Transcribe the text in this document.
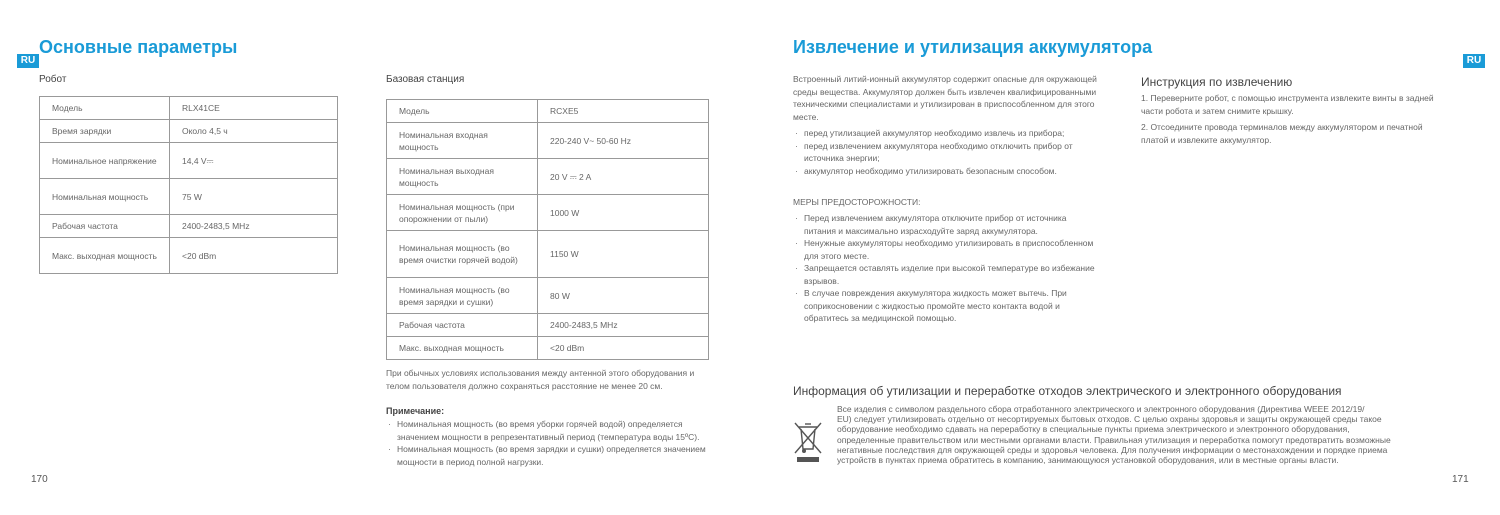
RU
Основные параметры
Робот
Модель	RLX41CE
Время зарядки	Около 4,5 ч
Номинальное напряжение	14,4 V⎓
Номинальная мощность	75 W
Рабочая частота	2400-2483,5 MHz
Макс. выходная мощность	<20 dBm
Базовая станция
Модель	RCXE5
Номинальная входная мощность	220-240 V~ 50-60 Hz
Номинальная выходная мощность	20 V ⎓ 2 A
Номинальная мощность (при опорожнении от пыли)	1000 W
Номинальная мощность (во время очистки горячей водой)	1150 W
Номинальная мощность (во время зарядки и сушки)	80 W
Рабочая частота	2400-2483,5 MHz
Макс. выходная мощность	<20 dBm
При обычных условиях использования между антенной этого оборудования и телом пользователя должно сохраняться расстояние не менее 20 см.
Примечание:
· Номинальная мощность (во время уборки горячей водой) определяется значением мощности в репрезентативный период (температура воды 15ºC).
· Номинальная мощность (во время зарядки и сушки) определяется значением мощности в период полной нагрузки.
170
Извлечение и утилизация аккумулятора
RU
Встроенный литий-ионный аккумулятор содержит опасные для окружающей среды вещества. Аккумулятор должен быть извлечен квалифицированными техническими специалистами и утилизирован в приспособленном для этого месте.
· перед утилизацией аккумулятор необходимо извлечь из прибора;
· перед извлечением аккумулятора необходимо отключить прибор от источника энергии;
· аккумулятор необходимо утилизировать безопасным способом.
МЕРЫ ПРЕДОСТОРОЖНОСТИ:
· Перед извлечением аккумулятора отключите прибор от источника питания и максимально израсходуйте заряд аккумулятора.
· Ненужные аккумуляторы необходимо утилизировать в приспособленном для этого месте.
· Запрещается оставлять изделие при высокой температуре во избежание взрывов.
· В случае повреждения аккумулятора жидкость может вытечь. При соприкосновении с жидкостью промойте место контакта водой и обратитесь за медицинской помощью.
Инструкция по извлечению
1. Переверните робот, с помощью инструмента извлеките винты в задней части робота и затем снимите крышку.
2. Отсоедините провода терминалов между аккумулятором и печатной платой и извлеките аккумулятор.
Информация об утилизации и переработке отходов электрического и электронного оборудования
Все изделия с символом раздельного сбора отработанного электрического и электронного оборудования (Директива WEEE 2012/19/
EU) следует утилизировать отдельно от несортируемых бытовых отходов. С целью охраны здоровья и защиты окружающей среды такое
оборудование необходимо сдавать на переработку в специальные пункты приема электрического и электронного оборудования,
определенные правительством или местными органами власти. Правильная утилизация и переработка помогут предотвратить возможные
негативные последствия для окружающей среды и здоровья человека. Для получения информации о местонахождении и порядке приема
устройств в пунктах приема обратитесь в компанию, занимающуюся установкой оборудования, или в местные органы власти.
171
